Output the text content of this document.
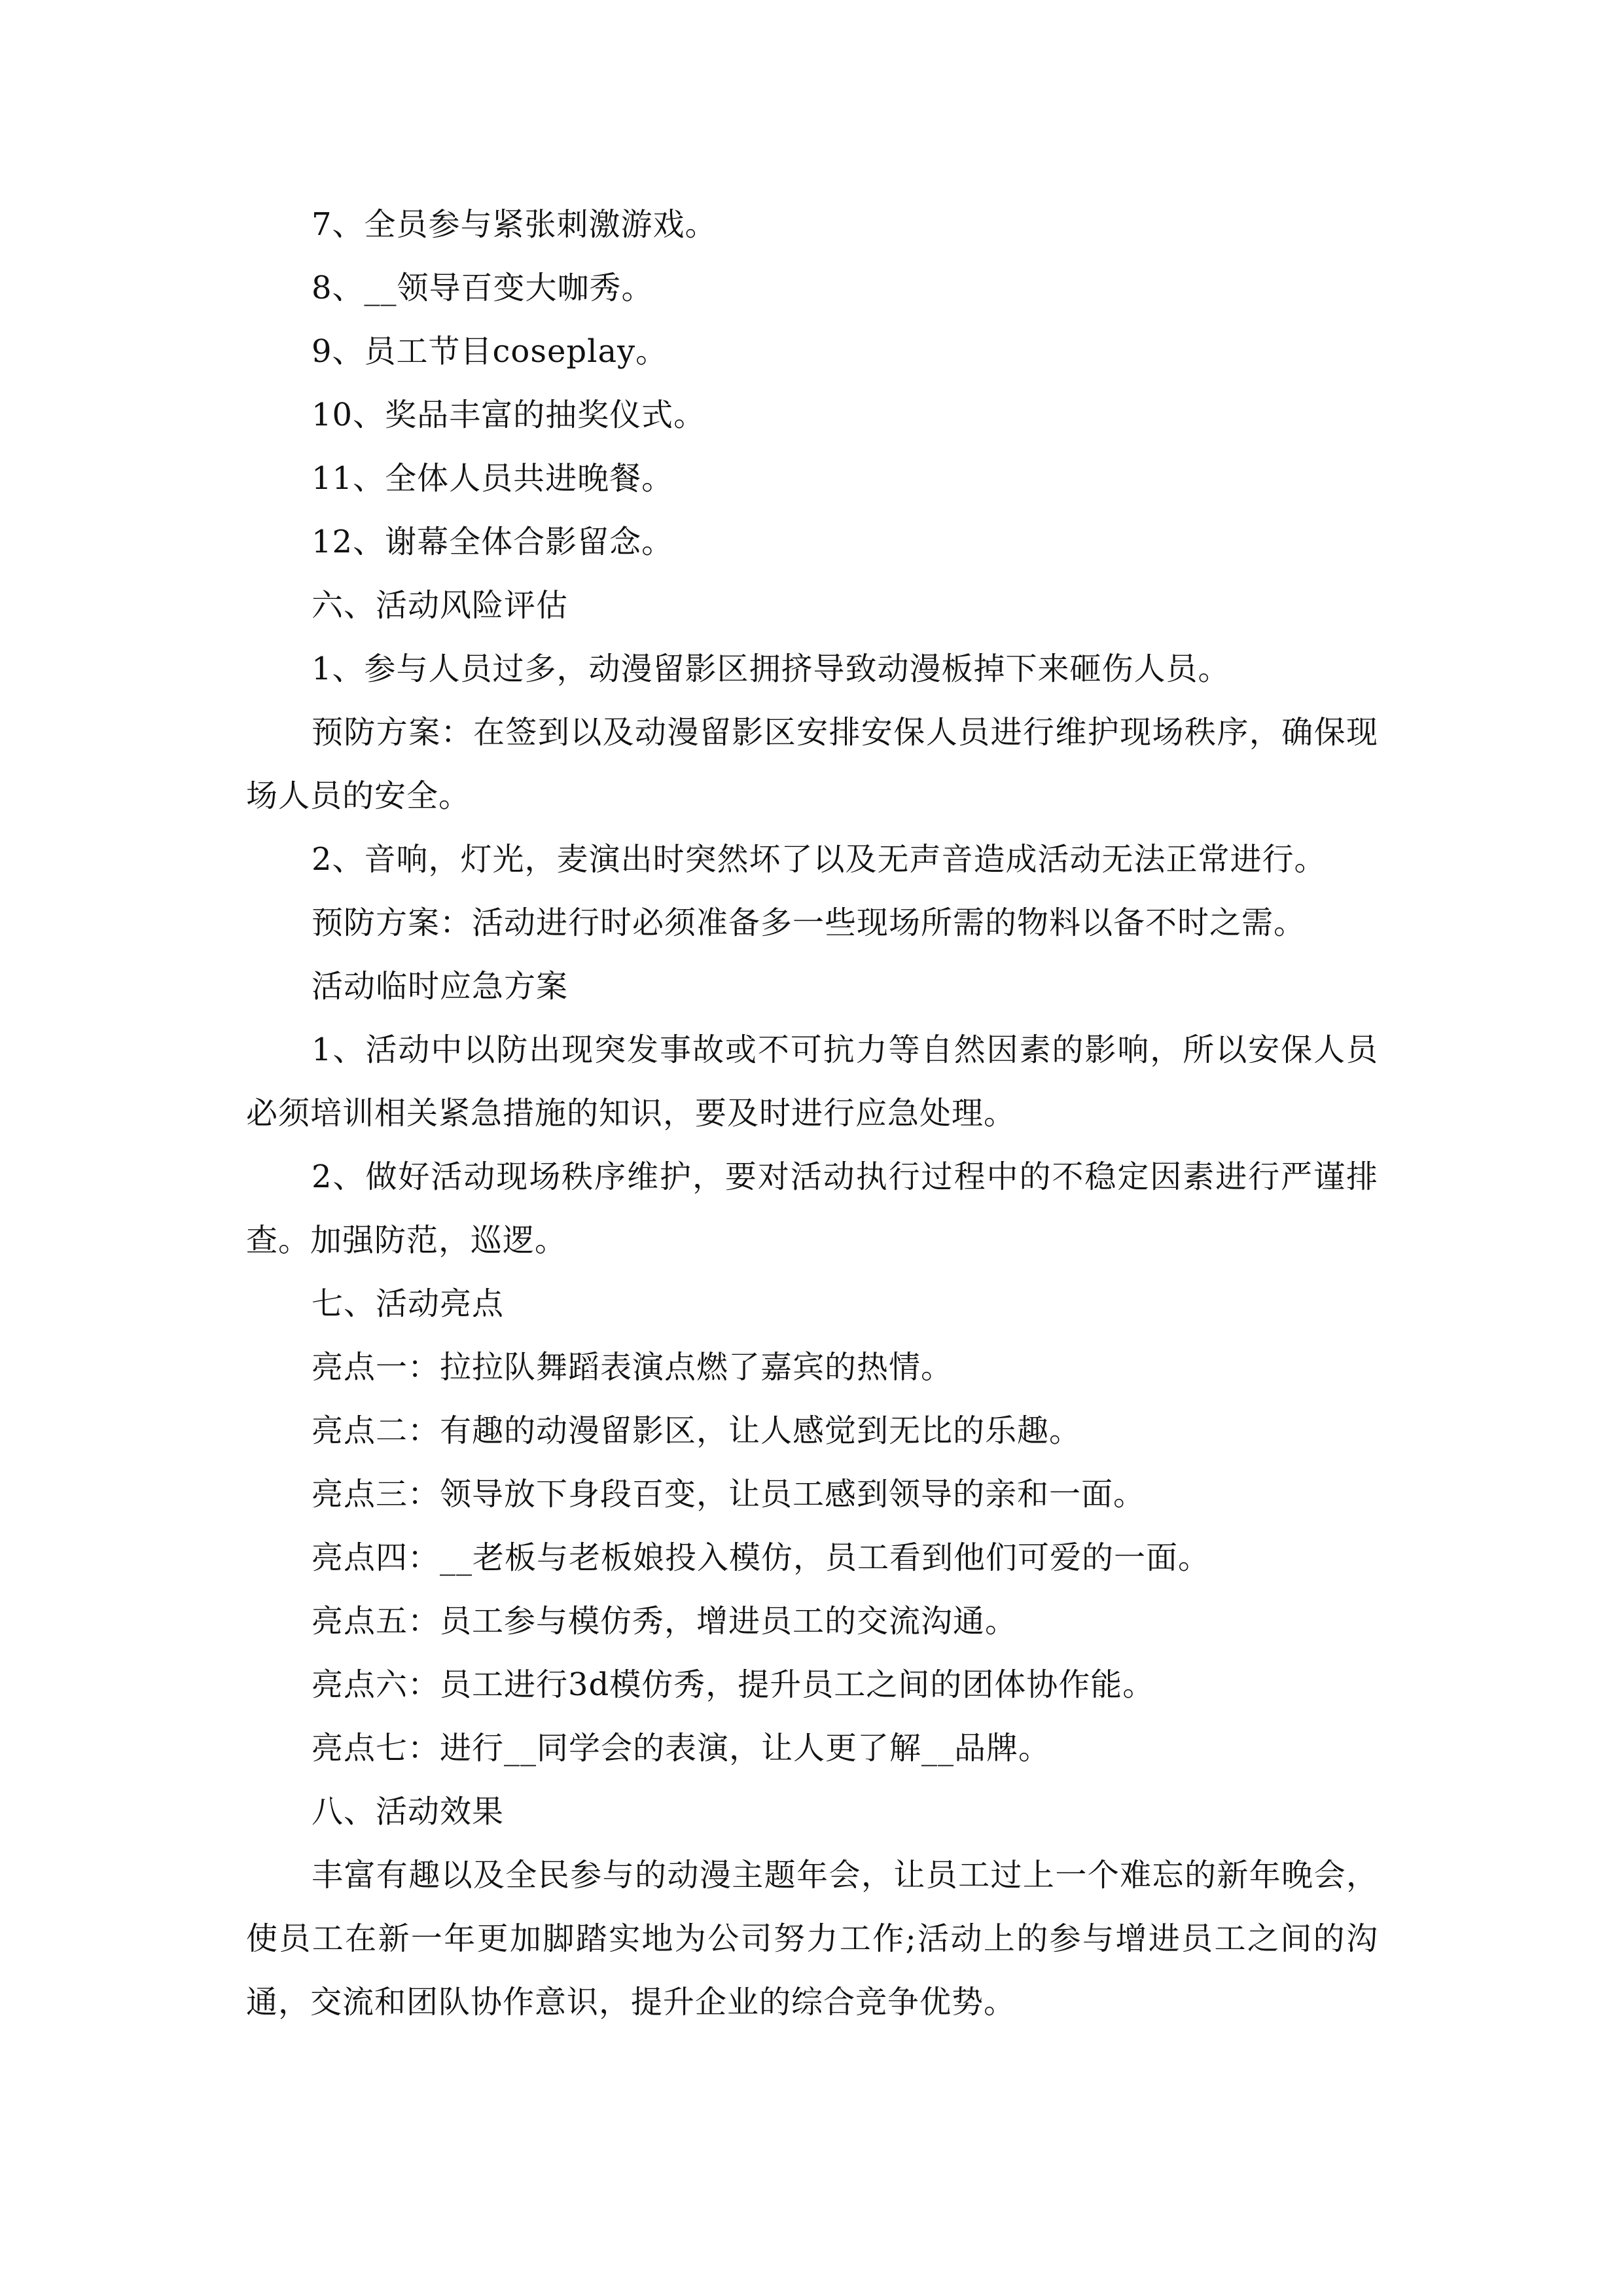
7、全员参与紧张刺激游戏。

8、__领导百变大咖秀。

9、员工节目coseplay。

10、奖品丰富的抽奖仪式。

11、全体人员共进晚餐。

12、谢幕全体合影留念。

六、活动风险评估

1、参与人员过多，动漫留影区拥挤导致动漫板掉下来砸伤人员。

预防方案：在签到以及动漫留影区安排安保人员进行维护现场秩序，确保现场人员的安全。

2、音响，灯光，麦演出时突然坏了以及无声音造成活动无法正常进行。

预防方案：活动进行时必须准备多一些现场所需的物料以备不时之需。

活动临时应急方案

1、活动中以防出现突发事故或不可抗力等自然因素的影响，所以安保人员必须培训相关紧急措施的知识，要及时进行应急处理。

2、做好活动现场秩序维护，要对活动执行过程中的不稳定因素进行严谨排查。加强防范，巡逻。

七、活动亮点

亮点一：拉拉队舞蹈表演点燃了嘉宾的热情。

亮点二：有趣的动漫留影区，让人感觉到无比的乐趣。

亮点三：领导放下身段百变，让员工感到领导的亲和一面。

亮点四：__老板与老板娘投入模仿，员工看到他们可爱的一面。

亮点五：员工参与模仿秀，增进员工的交流沟通。

亮点六：员工进行3d模仿秀，提升员工之间的团体协作能。

亮点七：进行__同学会的表演，让人更了解__品牌。

八、活动效果

丰富有趣以及全民参与的动漫主题年会，让员工过上一个难忘的新年晚会，使员工在新一年更加脚踏实地为公司努力工作;活动上的参与增进员工之间的沟通，交流和团队协作意识，提升企业的综合竞争优势。
